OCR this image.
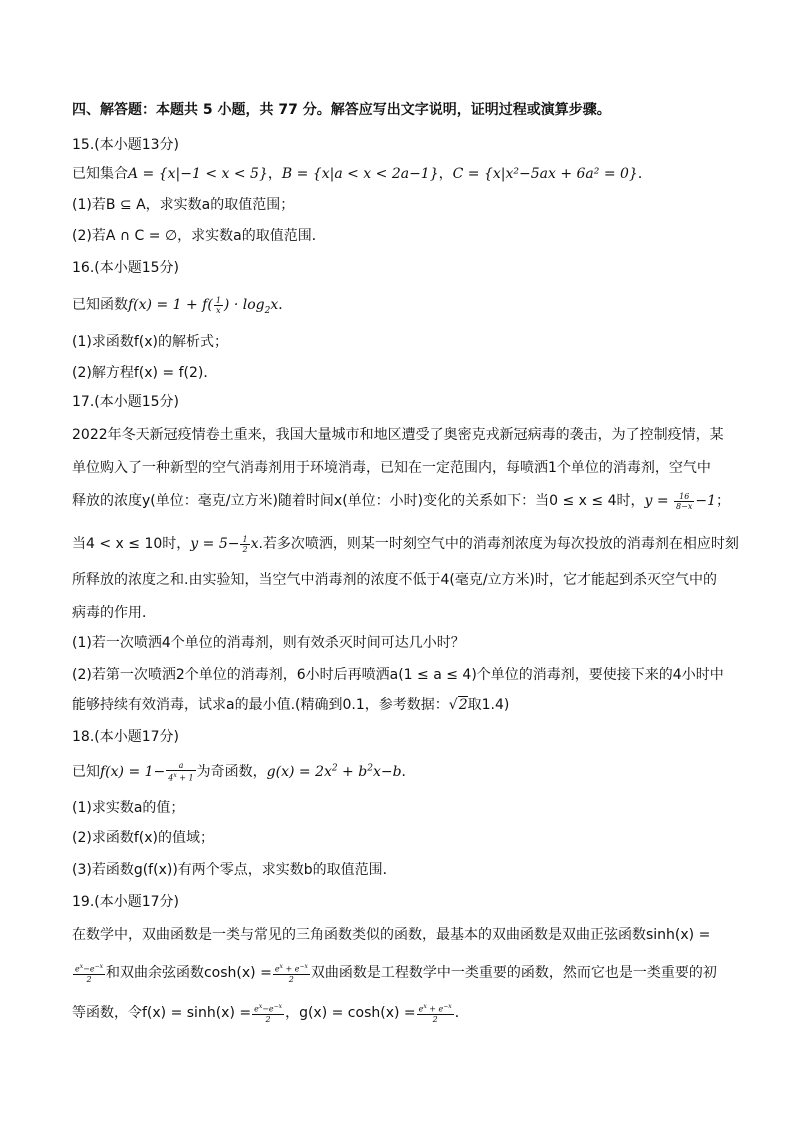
四、解答题：本题共 5 小题，共 77 分。解答应写出文字说明，证明过程或演算步骤。
15.(本小题13分)
已知集合A = {x|−1 < x < 5}，B = {x|a < x < 2a−1}，C = {x|x²−5ax + 6a² = 0}．
(1)若B ⊆ A，求实数a的取值范围；
(2)若A ∩ C = ∅，求实数a的取值范围．
16.(本小题15分)
已知函数$f(x) = 1 + f( \frac{1}{x}$ ) · $\log_2x$．
(1)求函数f(x)的解析式；
(2)解方程f(x) = f(2)．
17.(本小题15分)
2022年冬天新冠疫情卷土重来，我国大量城市和地区遭受了奥密克戎新冠病毒的袭击，为了控制疫情，某
单位购入了一种新型的空气消毒剂用于环境消毒，已知在一定范围内，每喷洒1个单位的消毒剂，空气中
释放的浓度y(单位：毫克/立方米)随着时间x(单位：小时)变化的关系如下：当0 ≤ x ≤ 4时，$y = \frac{16}{8-x} -1$；
当4 < x ≤ 10时，$y = 5- \frac{1}{2} x$.若多次喷洒，则某一时刻空气中的消毒剂浓度为每次投放的消毒剂在相应时刻
所释放的浓度之和.由实验知，当空气中消毒剂的浓度不低于4(毫克/立方米)时，它才能起到杀灭空气中的
病毒的作用．
(1)若一次喷洒4个单位的消毒剂，则有效杀灭时间可达几小时？
(2)若第一次喷洒2个单位的消毒剂，6小时后再喷洒a(1 ≤ a ≤ 4)个单位的消毒剂，要使接下来的4小时中
能够持续有效消毒，试求a的最小值.(精确到0.1，参考数据：√2取1.4)
18.(本小题17分)
已知$f(x) = 1- \frac{a}{4^x + 1}$ 为奇函数，$g(x) = 2x^2 + b^2x-b$．
(1)求实数a的值；
(2)求函数f(x)的值域；
(3)若函数g(f(x))有两个零点，求实数b的取值范围．
19.(本小题17分)
在数学中，双曲函数是一类与常见的三角函数类似的函数，最基本的双曲函数是双曲正弦函数sinh(x) =
$\frac{e^x-e^{-x}}{2}$ 和双曲余弦函数$\cosh(x) = \frac{e^x + e^{-x}}{2}$ 双曲函数是工程数学中一类重要的函数，然而它也是一类重要的初
等函数，令$f(x) = \sinh(x) = \frac{e^x-e^{-x}}{2}$ ，$g(x) = \cosh(x) = \frac{e^x + e^{-x}}{2}$ ．
